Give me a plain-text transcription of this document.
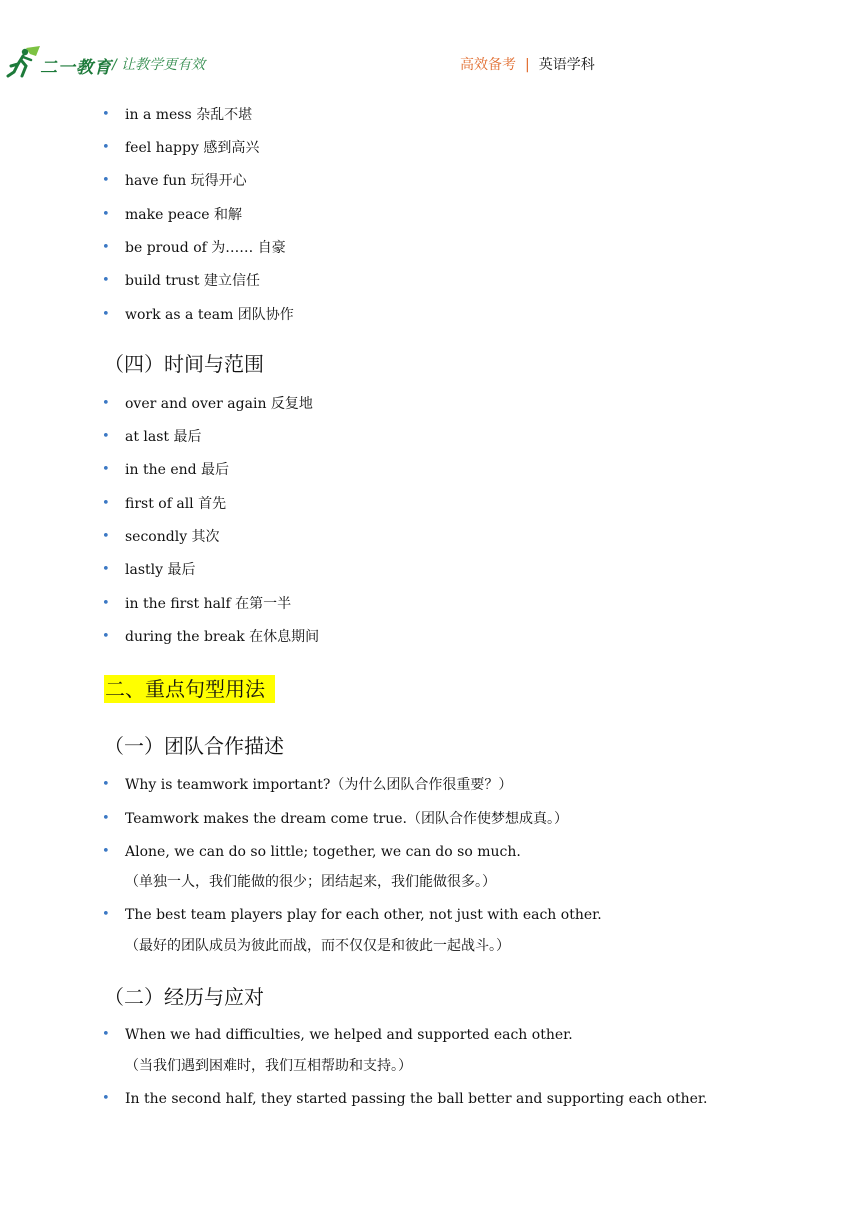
二一教育 / 让教学更有效	高效备考 | 英语学科
• in a mess 杂乱不堪
• feel happy 感到高兴
• have fun 玩得开心
• make peace 和解
• be proud of 为…… 自豪
• build trust 建立信任
• work as a team 团队协作
（四）时间与范围
• over and over again 反复地
• at last 最后
• in the end 最后
• first of all 首先
• secondly 其次
• lastly 最后
• in the first half 在第一半
• during the break 在休息期间
二、重点句型用法
（一）团队合作描述
• Why is teamwork important?（为什么团队合作很重要？）
• Teamwork makes the dream come true.（团队合作使梦想成真。）
• Alone, we can do so little; together, we can do so much.
（单独一人，我们能做的很少；团结起来，我们能做很多。）
• The best team players play for each other, not just with each other.
（最好的团队成员为彼此而战，而不仅仅是和彼此一起战斗。）
（二）经历与应对
• When we had difficulties, we helped and supported each other.
（当我们遇到困难时，我们互相帮助和支持。）
• In the second half, they started passing the ball better and supporting each other.
